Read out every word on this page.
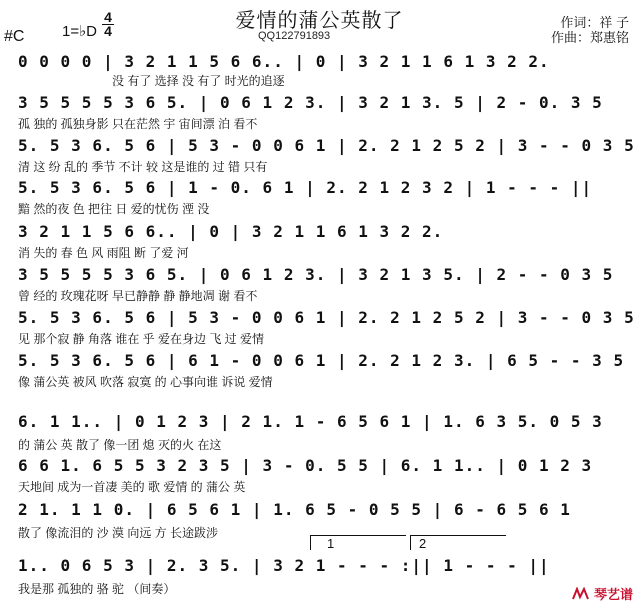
爱情的蒲公英散了
QQ122791893
#C	1=♭D
4
4
作词：祥 子
作曲：郑惠铭
0 0 0 0 | 3 2 1 1 5 6 6.. | 0 | 3 2 1 1 6 1 3 2 2.
没 有了 选择 没 有了 时光的追逐
3 5 5 5 5 3 6 5. | 0 6 1 2 3. | 3 2 1 3. 5 | 2 - 0. 3 5
孤 独的 孤独身影 只在茫然 宇 宙间漂 泊 看不
5. 5 3 6. 5 6 | 5 3 - 0 0 6 1 | 2. 2 1 2 5 2 | 3 - - 0 3 5
清 这 纷 乱的 季节 不计 较 这是谁的 过 错 只有
5. 5 3 6. 5 6 | 1 - 0. 6 1 | 2. 2 1 2 3 2 | 1 - - - ||
黯 然的夜 色 把往 日 爱的忧伤 湮 没
3 2 1 1 5 6 6.. | 0 | 3 2 1 1 6 1 3 2 2.
消 失的 春 色 风 雨阻 断 了爱 河
3 5 5 5 5 3 6 5. | 0 6 1 2 3. | 3 2 1 3 5. | 2 - - 0 3 5
曾 经的 玫瑰花呀 早已静静 静 静地凋 谢 看不
5. 5 3 6. 5 6 | 5 3 - 0 0 6 1 | 2. 2 1 2 5 2 | 3 - - 0 3 5
见 那个寂 静 角落 谁在 乎 爱在身边 飞 过 爱情
5. 5 3 6. 5 6 | 6 1 - 0 0 6 1 | 2. 2 1 2 3. | 6 5 - - 3 5
像 蒲公英 被风 吹落 寂寞 的 心事向谁 诉说 爱情
6. 1 1.. | 0 1 2 3 | 2 1. 1 - 6 5 6 1 | 1. 6 3 5. 0 5 3
的 蒲公 英 散了 像一团 熄 灭的火 在这
6 6 1. 6 5 5 3 2 3 5 | 3 - 0. 5 5 | 6. 1 1.. | 0 1 2 3
天地间 成为一首凄 美的 歌 爱情 的 蒲公 英
2 1. 1 1 0. | 6 5 6 1 | 1. 6 5 - 0 5 5 | 6 - 6 5 6 1
散了 像流泪的 沙 漠 向远 方 长途跋涉
1.. 0 6 5 3 | 2. 3 5. | 3 2 1 - - - :|| 1 - - - ||
我是那 孤独的 骆 驼 （间奏）
1	2
琴艺谱
